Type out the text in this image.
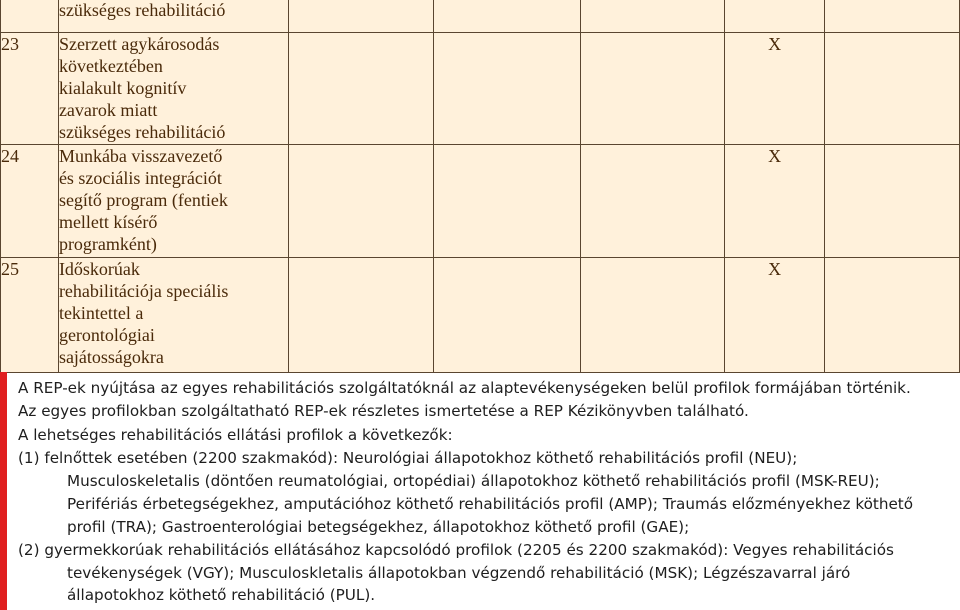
	szükséges rehabilitáció					

23	Szerzett agykárosodás
következtében
kialakult kognitív
zavarok miatt
szükséges rehabilitáció				X	
24	Munkába visszavezető
és szociális integrációt
segítő program (fentiek
mellett kísérő
programként)				X	
25	Időskorúak
rehabilitációja speciális
tekintettel a
gerontológiai
sajátosságokra				X	
A REP-ek nyújtása az egyes rehabilitációs szolgáltatóknál az alaptevékenységeken belül profilok formájában történik.
Az egyes profilokban szolgáltatható REP-ek részletes ismertetése a REP Kézikönyvben található.
A lehetséges rehabilitációs ellátási profilok a következők:
(1) felnőttek esetében (2200 szakmakód): Neurológiai állapotokhoz köthető rehabilitációs profil (NEU);
Musculoskeletalis (döntően reumatológiai, ortopédiai) állapotokhoz köthető rehabilitációs profil (MSK-REU);
Perifériás érbetegségekhez, amputációhoz köthető rehabilitációs profil (AMP); Traumás előzményekhez köthető
profil (TRA); Gastroenterológiai betegségekhez, állapotokhoz köthető profil (GAE);
(2) gyermekkorúak rehabilitációs ellátásához kapcsolódó profilok (2205 és 2200 szakmakód): Vegyes rehabilitációs
tevékenységek (VGY); Musculoskletalis állapotokban végzendő rehabilitáció (MSK); Légzészavarral járó
állapotokhoz köthető rehabilitáció (PUL).
